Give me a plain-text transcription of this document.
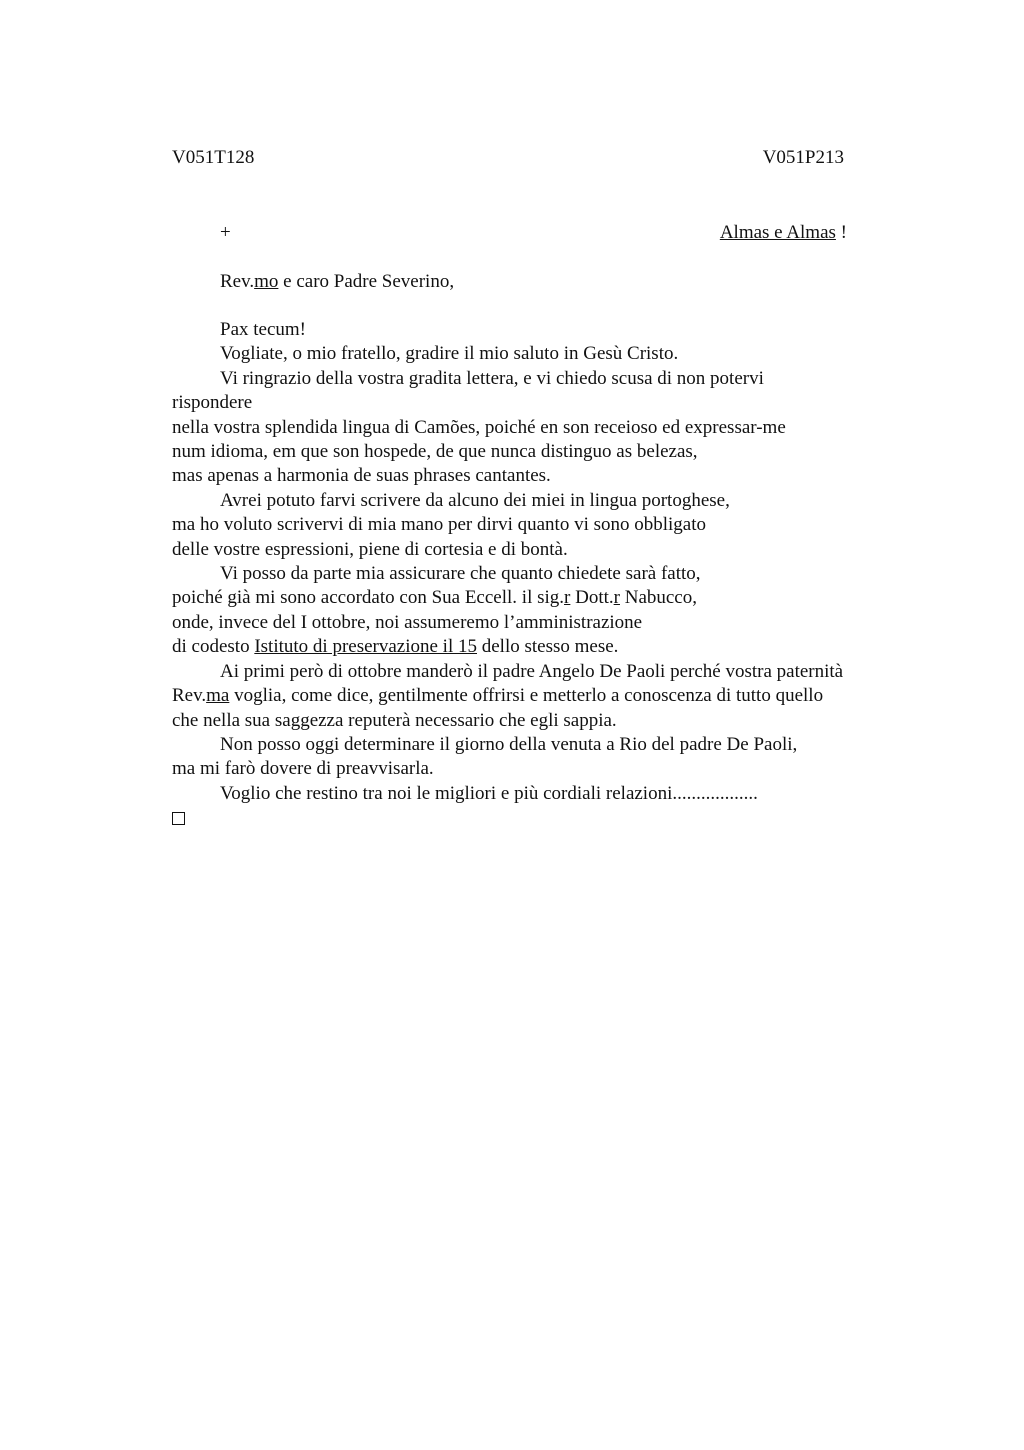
V051T128	V051P213
+	Almas e Almas !
Rev.mo e caro Padre Severino,
Pax tecum!
Vogliate, o mio fratello, gradire il mio saluto in Gesù Cristo.
Vi ringrazio della vostra gradita lettera, e vi chiedo scusa di non potervi
rispondere
nella vostra splendida lingua di Camões, poiché en son receioso ed expressar-me
num idioma, em que son hospede, de que nunca distinguo as belezas,
mas apenas a harmonia de suas phrases cantantes.
Avrei potuto farvi scrivere da alcuno dei miei in lingua portoghese,
ma ho voluto scrivervi di mia mano per dirvi quanto vi sono obbligato
delle vostre espressioni, piene di cortesia e di bontà.
Vi posso da parte mia assicurare che quanto chiedete sarà fatto,
poiché già mi sono accordato con Sua Eccell. il sig.r Dott.r Nabucco,
onde, invece del I ottobre, noi assumeremo l’amministrazione
di codesto Istituto di preservazione il 15 dello stesso mese.
Ai primi però di ottobre manderò il padre Angelo De Paoli perché vostra paternità
Rev.ma voglia, come dice, gentilmente offrirsi e metterlo a conoscenza di tutto quello
che nella sua saggezza reputerà necessario che egli sappia.
Non posso oggi determinare il giorno della venuta a Rio del padre De Paoli,
ma mi farò dovere di preavvisarla.
Voglio che restino tra noi le migliori e più cordiali relazioni..................
